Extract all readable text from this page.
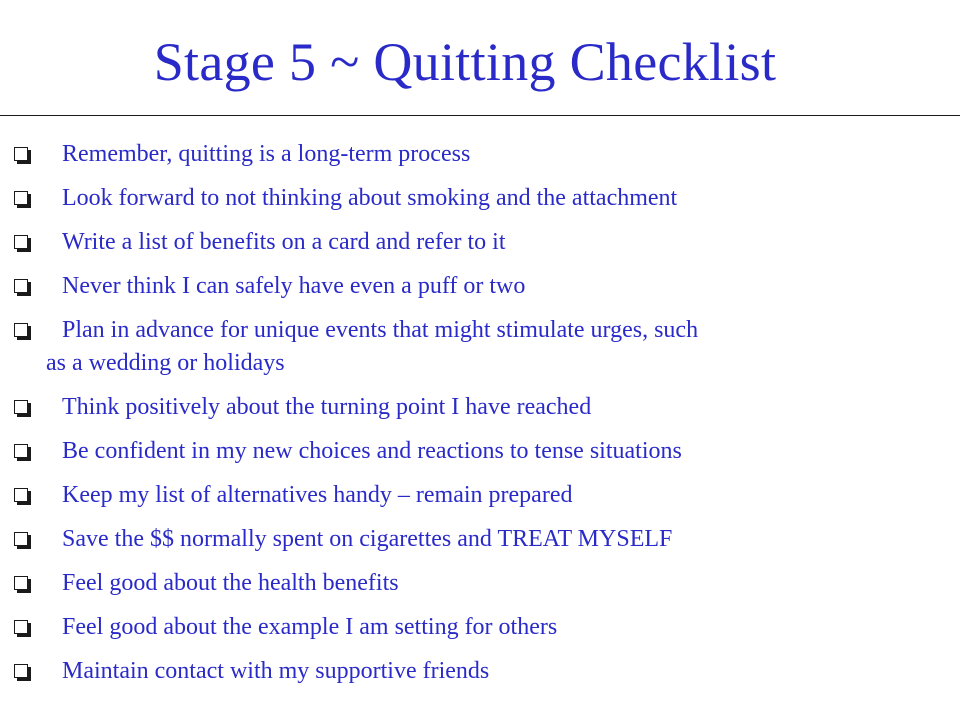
Stage 5 ~ Quitting Checklist
Remember, quitting is a long-term process
Look forward to not thinking about smoking and the attachment
Write a list of benefits on a card and refer to it
Never think I can safely have even a puff or two
Plan in advance for unique events that might stimulate urges, such
as a wedding or holidays
Think positively about the turning point I have reached
Be confident in my new choices and reactions to tense situations
Keep my list of alternatives handy – remain prepared
Save the $$ normally spent on cigarettes and TREAT MYSELF
Feel good about the health benefits
Feel good about the example I am setting for others
Maintain contact with my supportive friends
